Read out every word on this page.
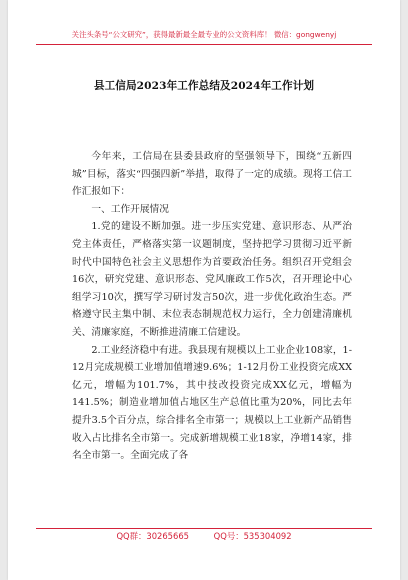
关注头条号“公文研究”，获得最新最全最专业的公文资料库！ 微信：gongwenyj
县工信局2023年工作总结及2024年工作计划

今年来，工信局在县委县政府的坚强领导下，围绕“五新四城”目标，落实“四强四新”举措，取得了一定的成绩。现将工信工作汇报如下：

一、工作开展情况

1.党的建设不断加强。进一步压实党建、意识形态、从严治党主体责任，严格落实第一议题制度，坚持把学习贯彻习近平新时代中国特色社会主义思想作为首要政治任务。组织召开党组会16次，研究党建、意识形态、党风廉政工作5次，召开理论中心组学习10次，撰写学习研讨发言50次，进一步优化政治生态。严格遵守民主集中制、末位表态制规范权力运行，全力创建清廉机关、清廉家庭，不断推进清廉工信建设。

2.工业经济稳中有进。我县现有规模以上工业企业108家，1-12月完成规模工业增加值增速9.6%；1-12月份工业投资完成XX亿元，增幅为101.7%，其中技改投资完成XX亿元，增幅为141.5%；制造业增加值占地区生产总值比重为20%，同比去年提升3.5个百分点，综合排名全市第一；规模以上工业新产品销售收入占比排名全市第一。完成新增规模工业18家，净增14家，排名全市第一。全面完成了各

QQ群：30265665	QQ号：535304092
